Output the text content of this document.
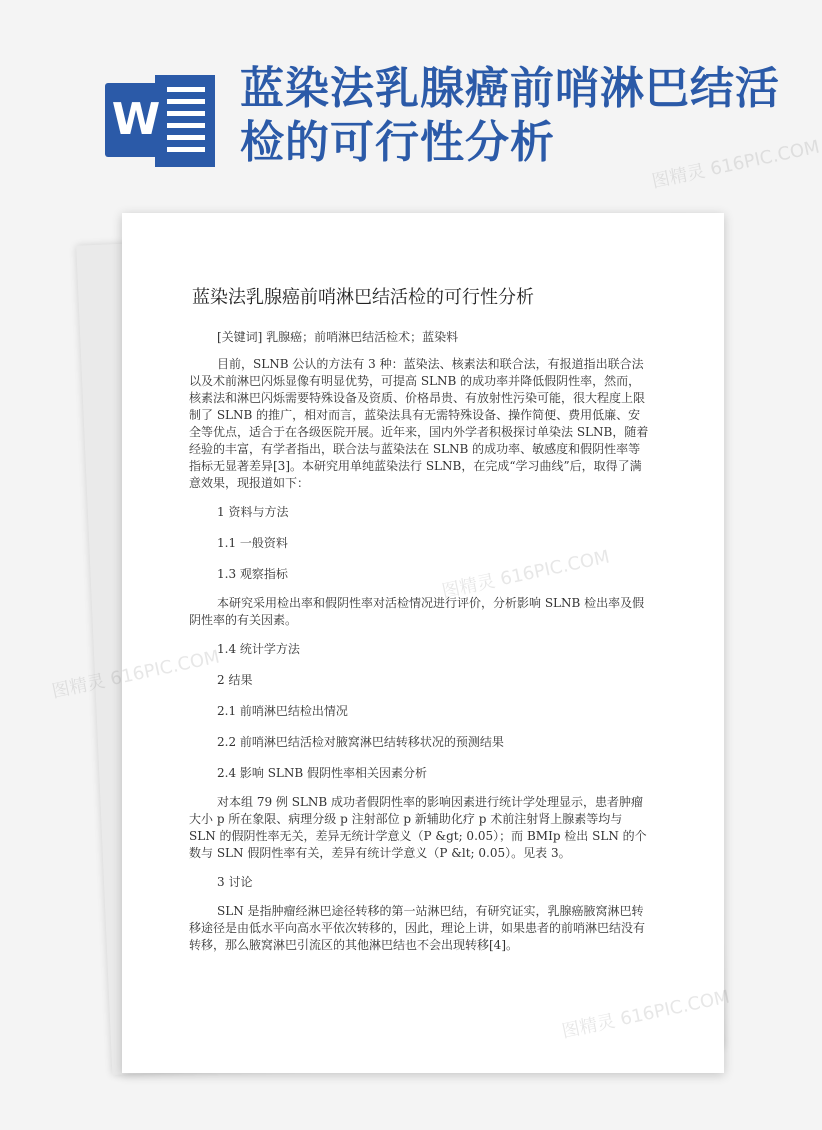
W
蓝染法乳腺癌前哨淋巴结活检的可行性分析
蓝染法乳腺癌前哨淋巴结活检的可行性分析

[关键词] 乳腺癌；前哨淋巴结活检术；蓝染料

目前，SLNB 公认的方法有 3 种：蓝染法、核素法和联合法，有报道指出联合法以及术前淋巴闪烁显像有明显优势，可提高 SLNB 的成功率并降低假阴性率，然而，核素法和淋巴闪烁需要特殊设备及资质、价格昂贵、有放射性污染可能，很大程度上限制了 SLNB 的推广，相对而言，蓝染法具有无需特殊设备、操作简便、费用低廉、安全等优点，适合于在各级医院开展。近年来，国内外学者积极探讨单染法 SLNB，随着经验的丰富，有学者指出，联合法与蓝染法在 SLNB 的成功率、敏感度和假阴性率等指标无显著差异[3]。本研究用单纯蓝染法行 SLNB，在完成“学习曲线”后，取得了满意效果，现报道如下：

1 资料与方法

1.1 一般资料

1.3 观察指标

本研究采用检出率和假阴性率对活检情况进行评价，分析影响 SLNB 检出率及假阴性率的有关因素。

1.4 统计学方法

2 结果

2.1 前哨淋巴结检出情况

2.2 前哨淋巴结活检对腋窝淋巴结转移状况的预测结果

2.4 影响 SLNB 假阴性率相关因素分析

对本组 79 例 SLNB 成功者假阴性率的影响因素进行统计学处理显示，患者肿瘤大小 p 所在象限、病理分级 p 注射部位 p 新辅助化疗 p 术前注射肾上腺素等均与 SLN 的假阴性率无关，差异无统计学意义（P &gt; 0.05）；而 BMIp 检出 SLN 的个数与 SLN 假阴性率有关，差异有统计学意义（P &lt; 0.05）。见表 3。

3 讨论

SLN 是指肿瘤经淋巴途径转移的第一站淋巴结，有研究证实，乳腺癌腋窝淋巴转移途径是由低水平向高水平依次转移的，因此，理论上讲，如果患者的前哨淋巴结没有转移，那么腋窝淋巴引流区的其他淋巴结也不会出现转移[4]。

图精灵 616PIC.COM
图精灵
